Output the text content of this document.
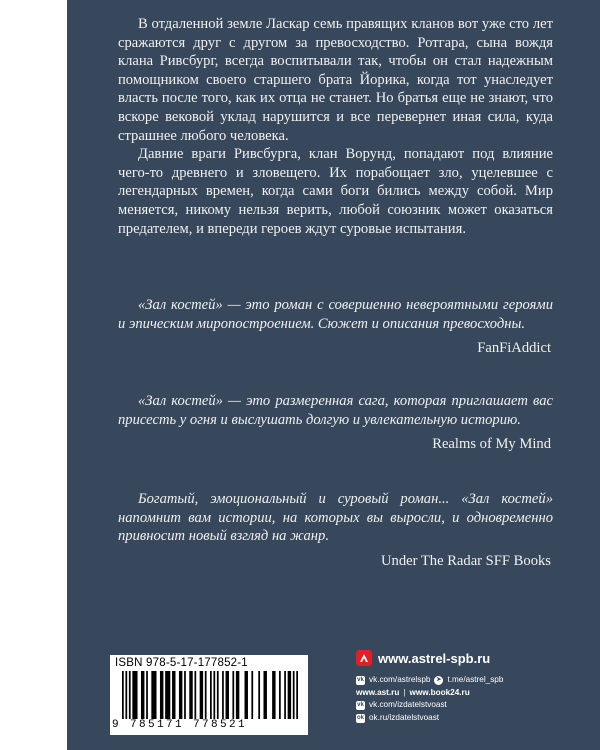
В отдаленной земле Ласкар семь правящих кланов вот уже сто лет сражаются друг с другом за превосходство. Ротгара, сына вождя клана Ривсбург, всегда воспитывали так, чтобы он стал надежным помощником своего старшего брата Йорика, когда тот унаследует власть после того, как их отца не станет. Но братья еще не знают, что вскоре вековой уклад нарушится и все перевернет иная сила, куда страшнее любого человека.

Давние враги Ривсбурга, клан Ворунд, попадают под влияние чего-то древнего и зловещего. Их порабощает зло, уцелевшее с легендарных времен, когда сами боги бились между собой. Мир меняется, никому нельзя верить, любой союзник может оказаться предателем, и впереди героев ждут суровые испытания.

«Зал костей» — это роман с совершенно невероятными героями и эпическим миропостроением. Сюжет и описания превосходны.

FanFiAddict

«Зал костей» — это размеренная сага, которая приглашает вас присесть у огня и выслушать долгую и увлекательную историю.

Realms of My Mind

Богатый, эмоциональный и суровый роман... «Зал костей» напомнит вам истории, на которых вы выросли, и одновременно привносит новый взгляд на жанр.

Under The Radar SFF Books

ISBN 978-5-17-177852-1
9 785171 778521
www.astrel-spb.ru
vk vk.com/astrelspb ➤ t.me/astrel_spb
www.ast.ru | www.book24.ru
vk vk.com/izdatelstvoast
ok ok.ru/izdatelstvoast
